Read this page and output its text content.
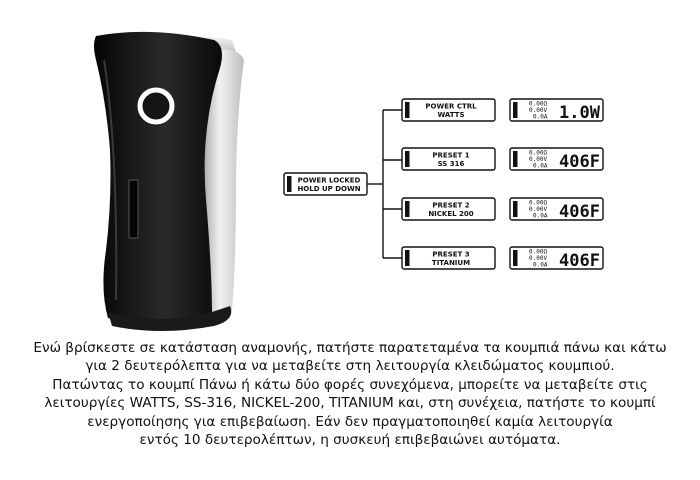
POWER LOCKED
HOLD UP DOWN
POWER CTRL
WATTS
0.00Ω
0.00V
0.0A 1.0W
PRESET 1
SS 316
0.00Ω
0.00V
0.0A 406F
PRESET 2
NICKEL 200
0.00Ω
0.00V
0.0A 406F
PRESET 3
TITANIUM
0.00Ω
0.00V
0.0A 406F
Ενώ βρίσκεστε σε κατάσταση αναμονής, πατήστε παρατεταμένα τα κουμπιά πάνω και κάτω
για 2 δευτερόλεπτα για να μεταβείτε στη λειτουργία κλειδώματος κουμπιού.
Πατώντας το κουμπί Πάνω ή κάτω δύο φορές συνεχόμενα, μπορείτε να μεταβείτε στις
λειτουργίες WATTS, SS-316, NICKEL-200, TITANIUM και, στη συνέχεια, πατήστε το κουμπί
ενεργοποίησης για επιβεβαίωση. Εάν δεν πραγματοποιηθεί καμία λειτουργία
εντός 10 δευτερολέπτων, η συσκευή επιβεβαιώνει αυτόματα.
